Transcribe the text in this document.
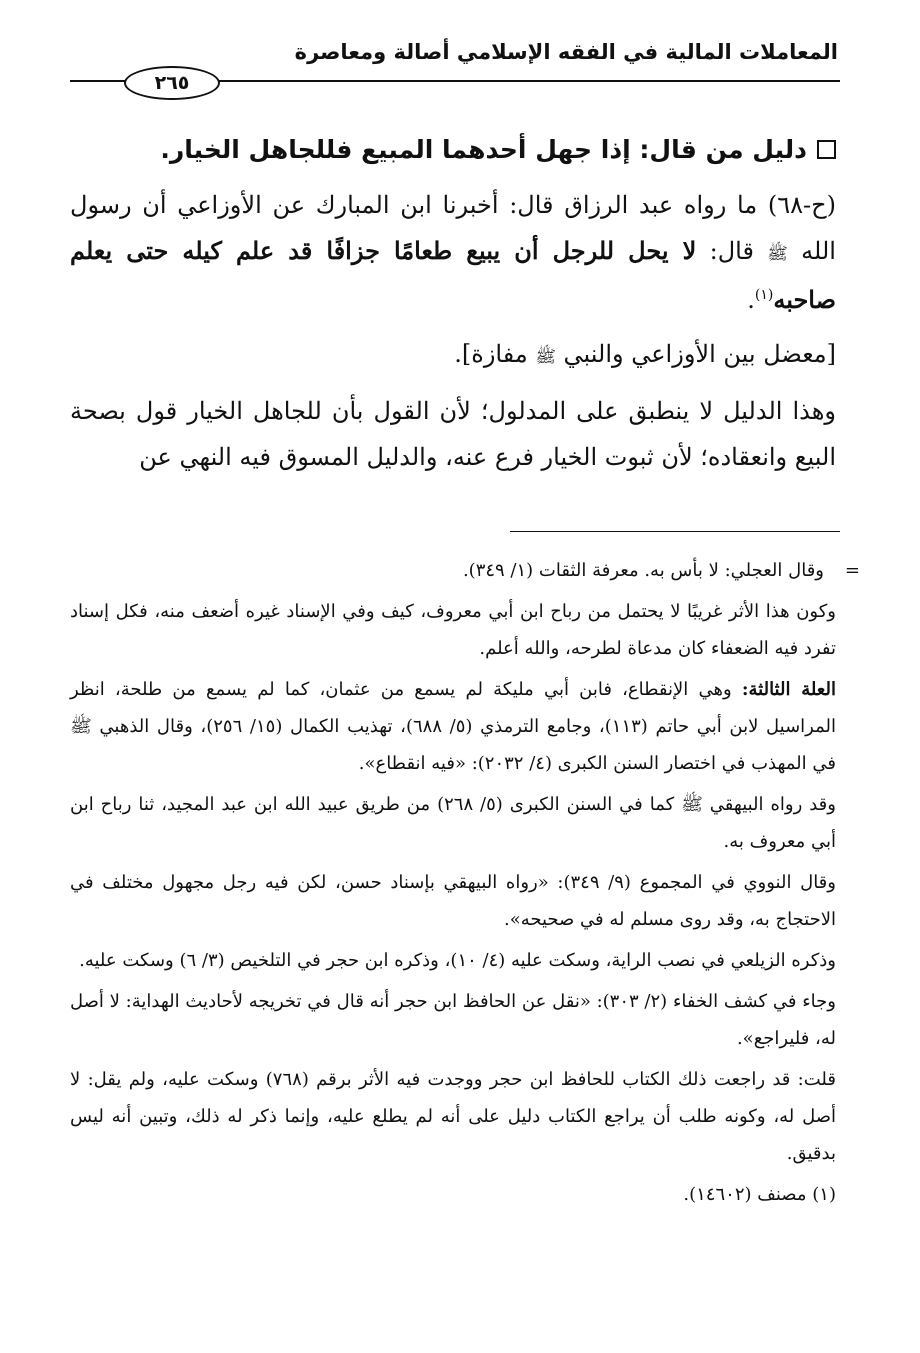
المعاملات المالية في الفقه الإسلامي أصالة ومعاصرة
٢٦٥

دليل من قال: إذا جهل أحدهما المبيع فللجاهل الخيار.

(ح-٦٨) ما رواه عبد الرزاق قال: أخبرنا ابن المبارك عن الأوزاعي أن رسول الله ﷺ قال: لا يحل للرجل أن يبيع طعامًا جزافًا قد علم كيله حتى يعلم صاحبه$^{(١)}$.

[معضل بين الأوزاعي والنبي ﷺ مفازة].

وهذا الدليل لا ينطبق على المدلول؛ لأن القول بأن للجاهل الخيار قول بصحة البيع وانعقاده؛ لأن ثبوت الخيار فرع عنه، والدليل المسوق فيه النهي عن

=
وقال العجلي: لا بأس به. معرفة الثقات (١/ ٣٤٩).

وكون هذا الأثر غريبًا لا يحتمل من رباح ابن أبي معروف، كيف وفي الإسناد غيره أضعف منه، فكل إسناد تفرد فيه الضعفاء كان مدعاة لطرحه، والله أعلم.

العلة الثالثة: وهي الإنقطاع، فابن أبي مليكة لم يسمع من عثمان، كما لم يسمع من طلحة، انظر المراسيل لابن أبي حاتم (١١٣)، وجامع الترمذي (٥/ ٦٨٨)، تهذيب الكمال (١٥/ ٢٥٦)، وقال الذهبي ﷺ في المهذب في اختصار السنن الكبرى (٤/ ٢٠٣٢): «فيه انقطاع».

وقد رواه البيهقي ﷺ كما في السنن الكبرى (٥/ ٢٦٨) من طريق عبيد الله ابن عبد المجيد، ثنا رباح ابن أبي معروف به.

وقال النووي في المجموع (٩/ ٣٤٩): «رواه البيهقي بإسناد حسن، لكن فيه رجل مجهول مختلف في الاحتجاج به، وقد روى مسلم له في صحيحه».

وذكره الزيلعي في نصب الراية، وسكت عليه (٤/ ١٠)، وذكره ابن حجر في التلخيص (٣/ ٦) وسكت عليه.

وجاء في كشف الخفاء (٢/ ٣٠٣): «نقل عن الحافظ ابن حجر أنه قال في تخريجه لأحاديث الهداية: لا أصل له، فليراجع».

قلت: قد راجعت ذلك الكتاب للحافظ ابن حجر ووجدت فيه الأثر برقم (٧٦٨) وسكت عليه، ولم يقل: لا أصل له، وكونه طلب أن يراجع الكتاب دليل على أنه لم يطلع عليه، وإنما ذكر له ذلك، وتبين أنه ليس بدقيق.

(١) مصنف (١٤٦٠٢).
